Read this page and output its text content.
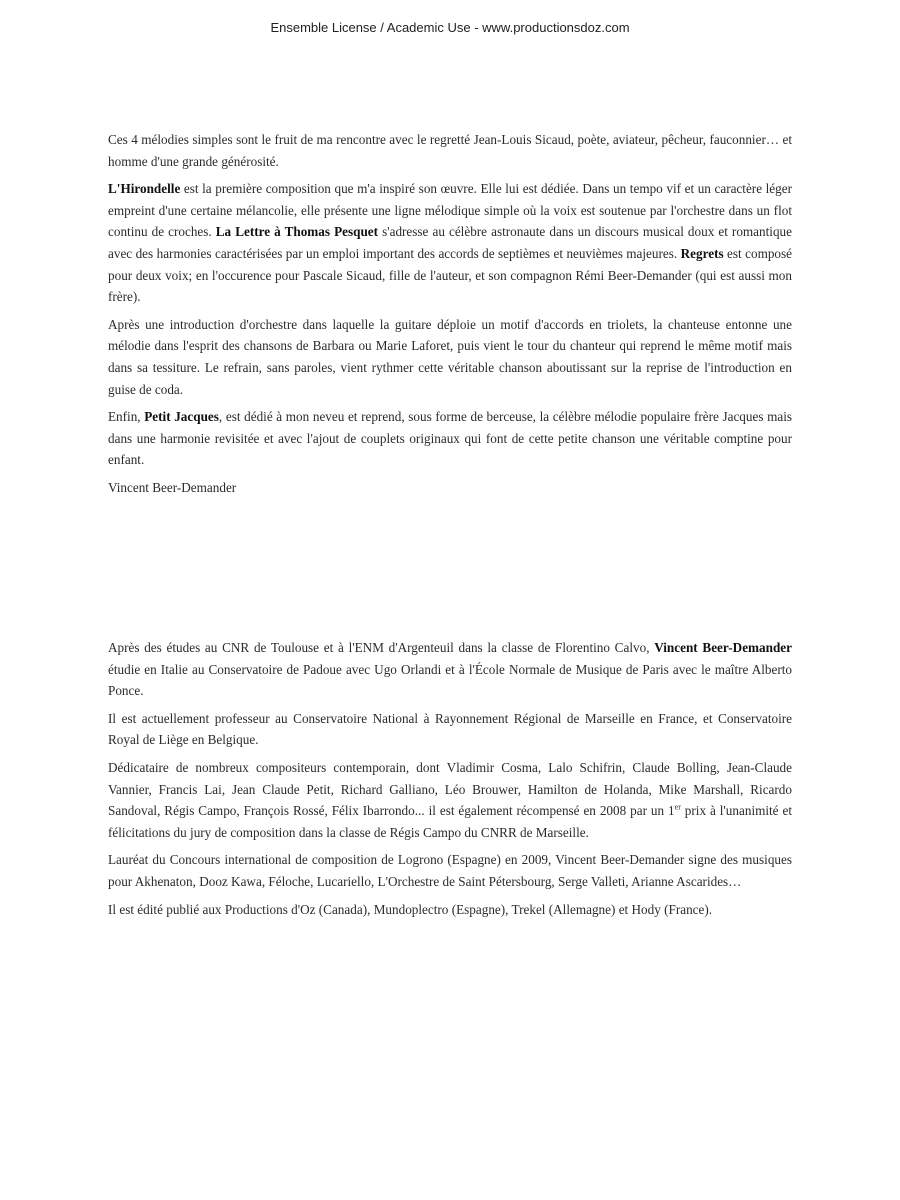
Ensemble License / Academic Use - www.productionsdoz.com

Ces 4 mélodies simples sont le fruit de ma rencontre avec le regretté Jean-Louis Sicaud, poète, aviateur, pêcheur, fauconnier… et homme d'une grande générosité.

L'Hirondelle est la première composition que m'a inspiré son œuvre. Elle lui est dédiée. Dans un tempo vif et un caractère léger empreint d'une certaine mélancolie, elle présente une ligne mélodique simple où la voix est soutenue par l'orchestre dans un flot continu de croches. La Lettre à Thomas Pesquet s'adresse au célèbre astronaute dans un discours musical doux et romantique avec des harmonies caractérisées par un emploi important des accords de septièmes et neuvièmes majeures. Regrets est composé pour deux voix; en l'occurence pour Pascale Sicaud, fille de l'auteur, et son compagnon Rémi Beer-Demander (qui est aussi mon frère).

Après une introduction d'orchestre dans laquelle la guitare déploie un motif d'accords en triolets, la chanteuse entonne une mélodie dans l'esprit des chansons de Barbara ou Marie Laforet, puis vient le tour du chanteur qui reprend le même motif mais dans sa tessiture. Le refrain, sans paroles, vient rythmer cette véritable chanson aboutissant sur la reprise de l'introduction en guise de coda.

Enfin, Petit Jacques, est dédié à mon neveu et reprend, sous forme de berceuse, la célèbre mélodie populaire frère Jacques mais dans une harmonie revisitée et avec l'ajout de couplets originaux qui font de cette petite chanson une véritable comptine pour enfant.

Vincent Beer-Demander

Après des études au CNR de Toulouse et à l'ENM d'Argenteuil dans la classe de Florentino Calvo, Vincent Beer-Demander étudie en Italie au Conservatoire de Padoue avec Ugo Orlandi et à l'École Normale de Musique de Paris avec le maître Alberto Ponce.

Il est actuellement professeur au Conservatoire National à Rayonnement Régional de Marseille en France, et Conservatoire Royal de Liège en Belgique.

Dédicataire de nombreux compositeurs contemporain, dont Vladimir Cosma, Lalo Schifrin, Claude Bolling, Jean-Claude Vannier, Francis Lai, Jean Claude Petit, Richard Galliano, Léo Brouwer, Hamilton de Holanda, Mike Marshall, Ricardo Sandoval, Régis Campo, François Rossé, Félix Ibarrondo... il est également récompensé en 2008 par un 1er prix à l'unanimité et félicitations du jury de composition dans la classe de Régis Campo du CNRR de Marseille.

Lauréat du Concours international de composition de Logrono (Espagne) en 2009, Vincent Beer-Demander signe des musiques pour Akhenaton, Dooz Kawa, Féloche, Lucariello, L'Orchestre de Saint Pétersbourg, Serge Valleti, Arianne Ascarides…

Il est édité publié aux Productions d'Oz (Canada), Mundoplectro (Espagne), Trekel (Allemagne) et Hody (France).
